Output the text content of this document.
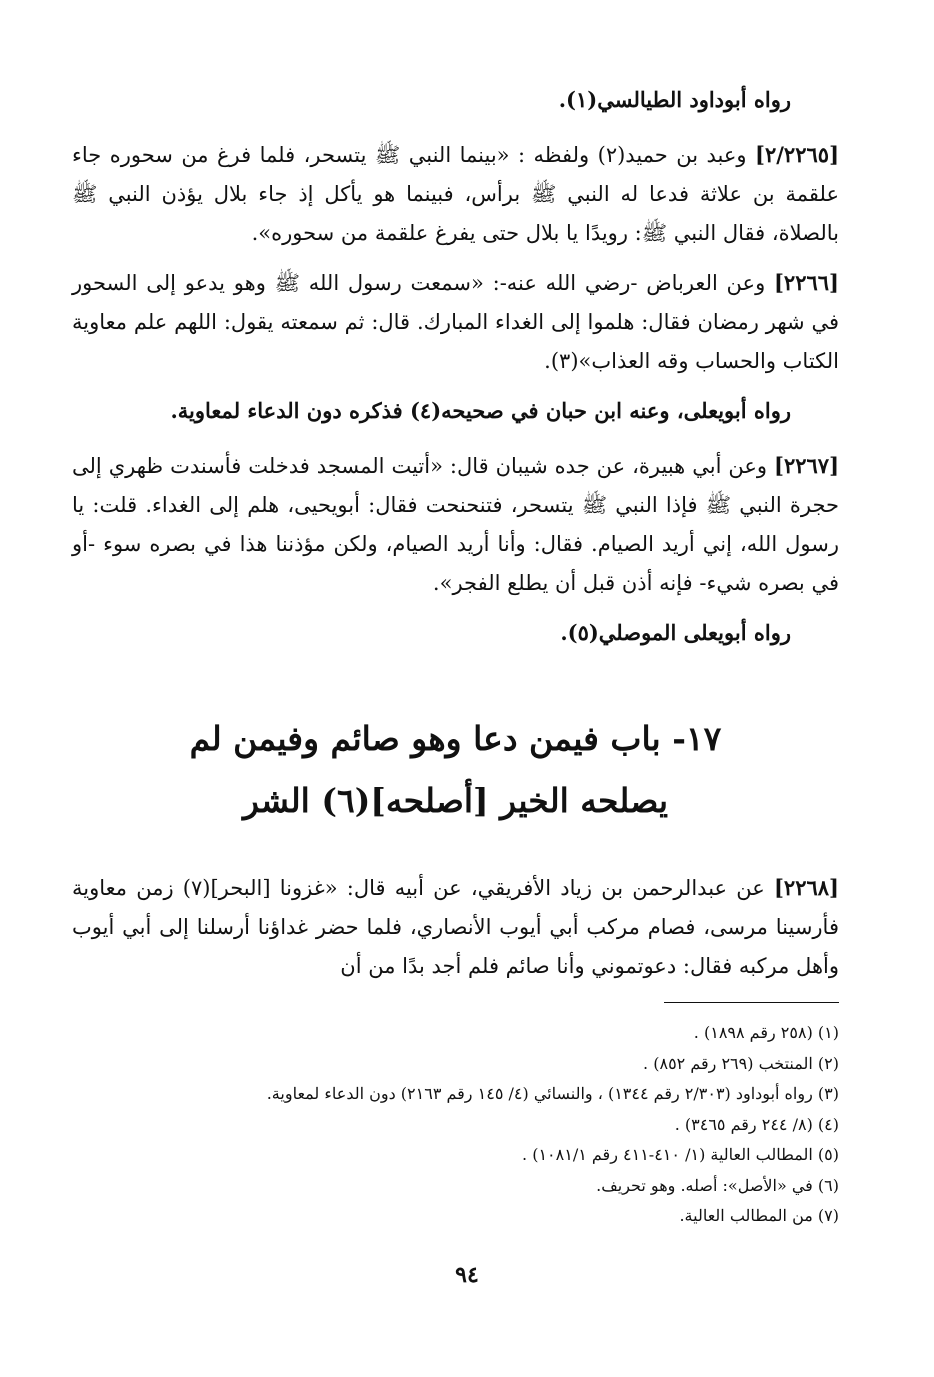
رواه أبوداود الطيالسي(١).

[٢/٢٢٦٥] وعبد بن حميد(٢) ولفظه : «بينما النبي ﷺ يتسحر، فلما فرغ من سحوره جاء علقمة بن علاثة فدعا له النبي ﷺ برأس، فبينما هو يأكل إذ جاء بلال يؤذن النبي ﷺ بالصلاة، فقال النبي ﷺ: رويدًا يا بلال حتى يفرغ علقمة من سحوره».

[٢٢٦٦] وعن العرباض -رضي الله عنه-: «سمعت رسول الله ﷺ وهو يدعو إلى السحور في شهر رمضان فقال: هلموا إلى الغداء المبارك. قال: ثم سمعته يقول: اللهم علم معاوية الكتاب والحساب وقه العذاب»(٣).

رواه أبويعلى، وعنه ابن حبان في صحيحه(٤) فذكره دون الدعاء لمعاوية.

[٢٢٦٧] وعن أبي هبيرة، عن جده شيبان قال: «أتيت المسجد فدخلت فأسندت ظهري إلى حجرة النبي ﷺ فإذا النبي ﷺ يتسحر، فتنحنحت فقال: أبويحيى، هلم إلى الغداء. قلت: يا رسول الله، إني أريد الصيام. فقال: وأنا أريد الصيام، ولكن مؤذننا هذا في بصره سوء -أو في بصره شيء- فإنه أذن قبل أن يطلع الفجر».

رواه أبويعلى الموصلي(٥).

١٧- باب فيمن دعا وهو صائم وفيمن لم
يصلحه الخير [أصلحه](٦) الشر

[٢٢٦٨] عن عبدالرحمن بن زياد الأفريقي، عن أبيه قال: «غزونا [البحر](٧) زمن معاوية فأرسينا مرسى، فصام مركب أبي أيوب الأنصاري، فلما حضر غداؤنا أرسلنا إلى أبي أيوب وأهل مركبه فقال: دعوتموني وأنا صائم فلم أجد بدًا من أن

(١) (٢٥٨ رقم ١٨٩٨) .
(٢) المنتخب (٢٦٩ رقم ٨٥٢) .
(٣) رواه أبوداود (٢/٣٠٣ رقم ١٣٤٤) ، والنسائي (٤/ ١٤٥ رقم ٢١٦٣) دون الدعاء لمعاوية.
(٤) (٨/ ٢٤٤ رقم ٣٤٦٥) .
(٥) المطالب العالية (١/ ٤١٠-٤١١ رقم ١٠٨١/١) .
(٦) في «الأصل»: أصله. وهو تحريف.
(٧) من المطالب العالية.
٩٤
